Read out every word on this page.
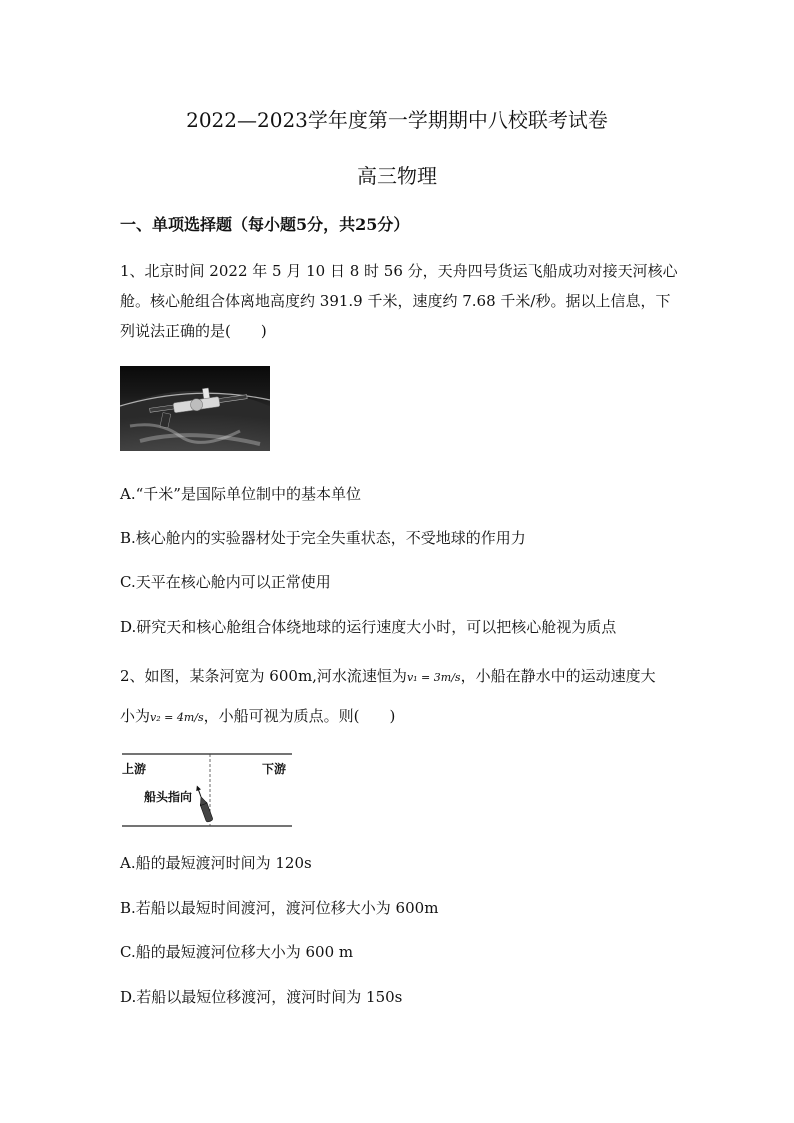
2022—2023学年度第一学期期中八校联考试卷
高三物理
一、单项选择题（每小题5分，共25分）
1、北京时间 2022 年 5 月 10 日 8 时 56 分，天舟四号货运飞船成功对接天河核心舱。核心舱组合体离地高度约 391.9 千米，速度约 7.68 千米/秒。据以上信息，下列说法正确的是(　　)
A.“千米”是国际单位制中的基本单位
B.核心舱内的实验器材处于完全失重状态，不受地球的作用力
C.天平在核心舱内可以正常使用
D.研究天和核心舱组合体绕地球的运行速度大小时，可以把核心舱视为质点
2、如图，某条河宽为 600m,河水流速恒为v₁ = 3m/s，小船在静水中的运动速度大
小为v₂ = 4m/s，小船可视为质点。则(　　)
上游	下游
船头指向
A.船的最短渡河时间为 120s
B.若船以最短时间渡河，渡河位移大小为 600m
C.船的最短渡河位移大小为 600 m
D.若船以最短位移渡河，渡河时间为 150s
